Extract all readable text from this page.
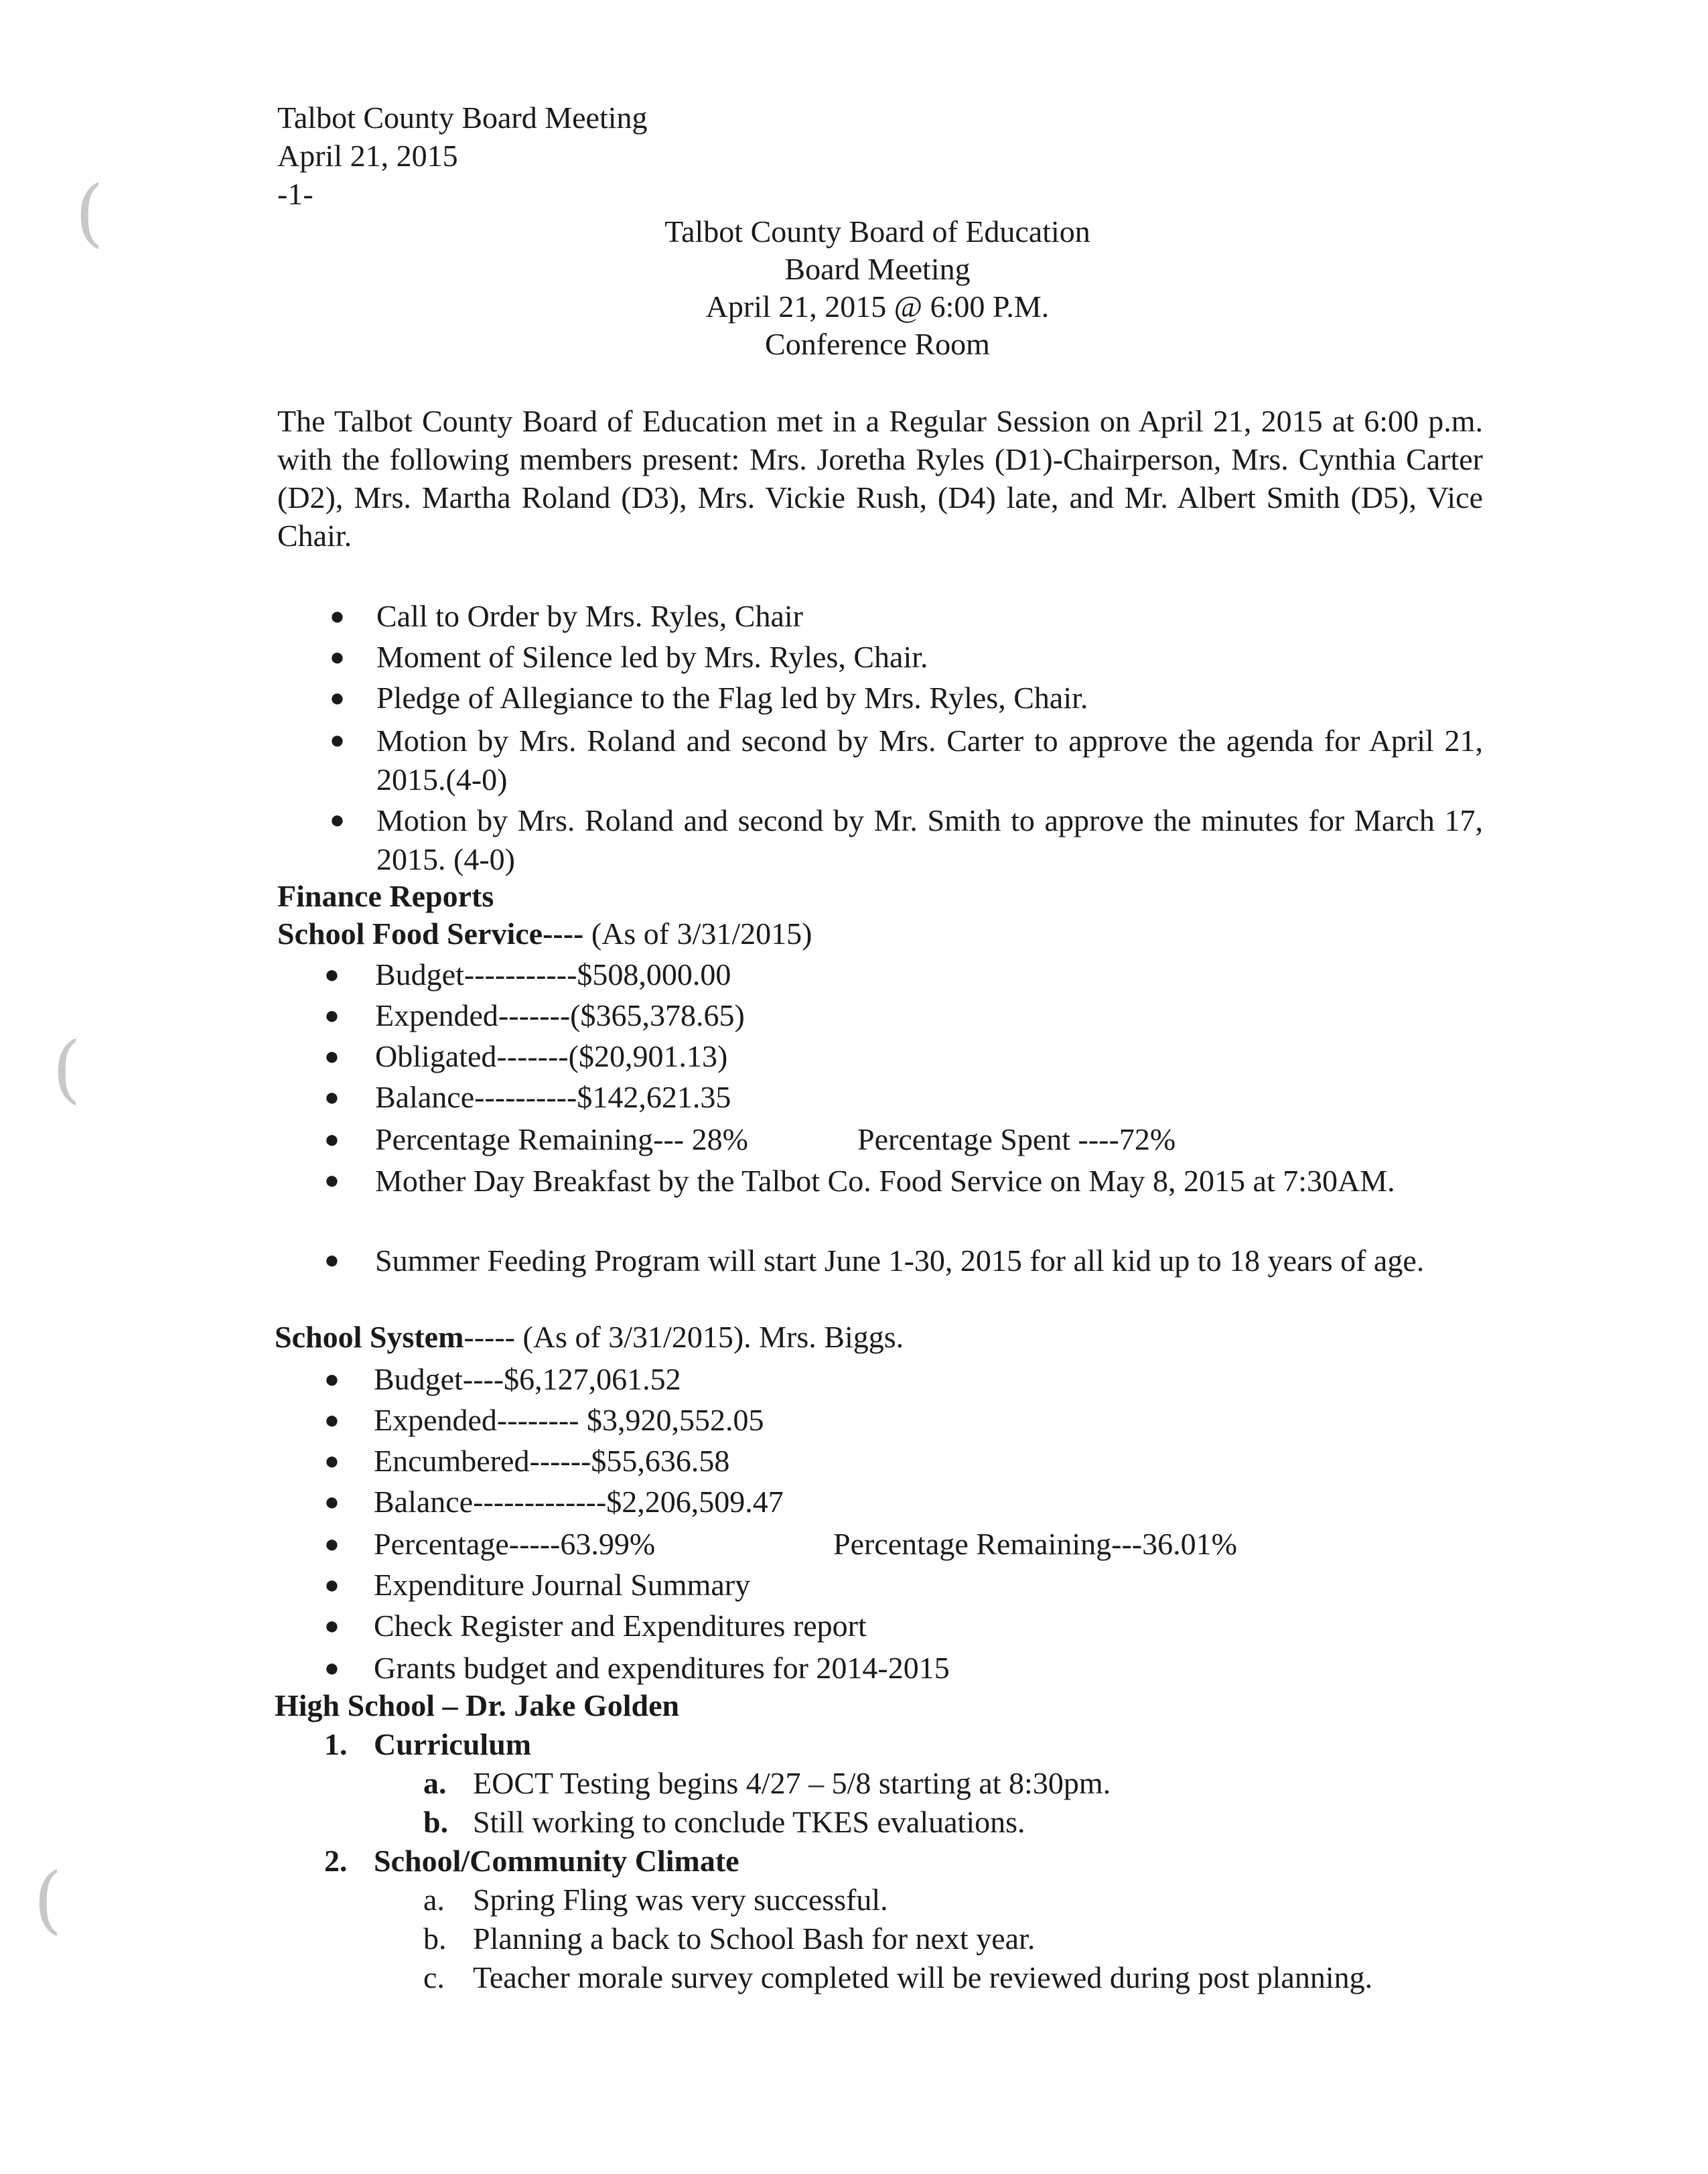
(
(
(
Talbot County Board Meeting
April 21, 2015
-1-
Talbot County Board of Education
Board Meeting
April 21, 2015 @ 6:00 P.M.
Conference Room
The Talbot County Board of Education met in a Regular Session on April 21, 2015 at 6:00 p.m. with the following members present: Mrs. Joretha Ryles (D1)-Chairperson, Mrs. Cynthia Carter (D2), Mrs. Martha Roland (D3), Mrs. Vickie Rush, (D4) late, and Mr. Albert Smith (D5), Vice Chair.
● Call to Order by Mrs. Ryles, Chair
● Moment of Silence led by Mrs. Ryles, Chair.
● Pledge of Allegiance to the Flag led by Mrs. Ryles, Chair.
● Motion by Mrs. Roland and second by Mrs. Carter to approve the agenda for April 21, 2015.(4-0)
● Motion by Mrs. Roland and second by Mr. Smith to approve the minutes for March 17, 2015. (4-0)
Finance Reports
School Food Service---- (As of 3/31/2015)
● Budget-----------$508,000.00
● Expended-------($365,378.65)
● Obligated-------($20,901.13)
● Balance----------$142,621.35
● Percentage Remaining--- 28%	Percentage Spent ----72%
● Mother Day Breakfast by the Talbot Co. Food Service on May 8, 2015 at 7:30AM.
● Summer Feeding Program will start June 1-30, 2015 for all kid up to 18 years of age.
School System----- (As of 3/31/2015). Mrs. Biggs.
● Budget----$6,127,061.52
● Expended-------- $3,920,552.05
● Encumbered------$55,636.58
● Balance-------------$2,206,509.47
● Percentage-----63.99%	Percentage Remaining---36.01%
● Expenditure Journal Summary
● Check Register and Expenditures report
● Grants budget and expenditures for 2014-2015
High School – Dr. Jake Golden
1. Curriculum
a. EOCT Testing begins 4/27 – 5/8 starting at 8:30pm.
b. Still working to conclude TKES evaluations.
2. School/Community Climate
a. Spring Fling was very successful.
b. Planning a back to School Bash for next year.
c. Teacher morale survey completed will be reviewed during post planning.
